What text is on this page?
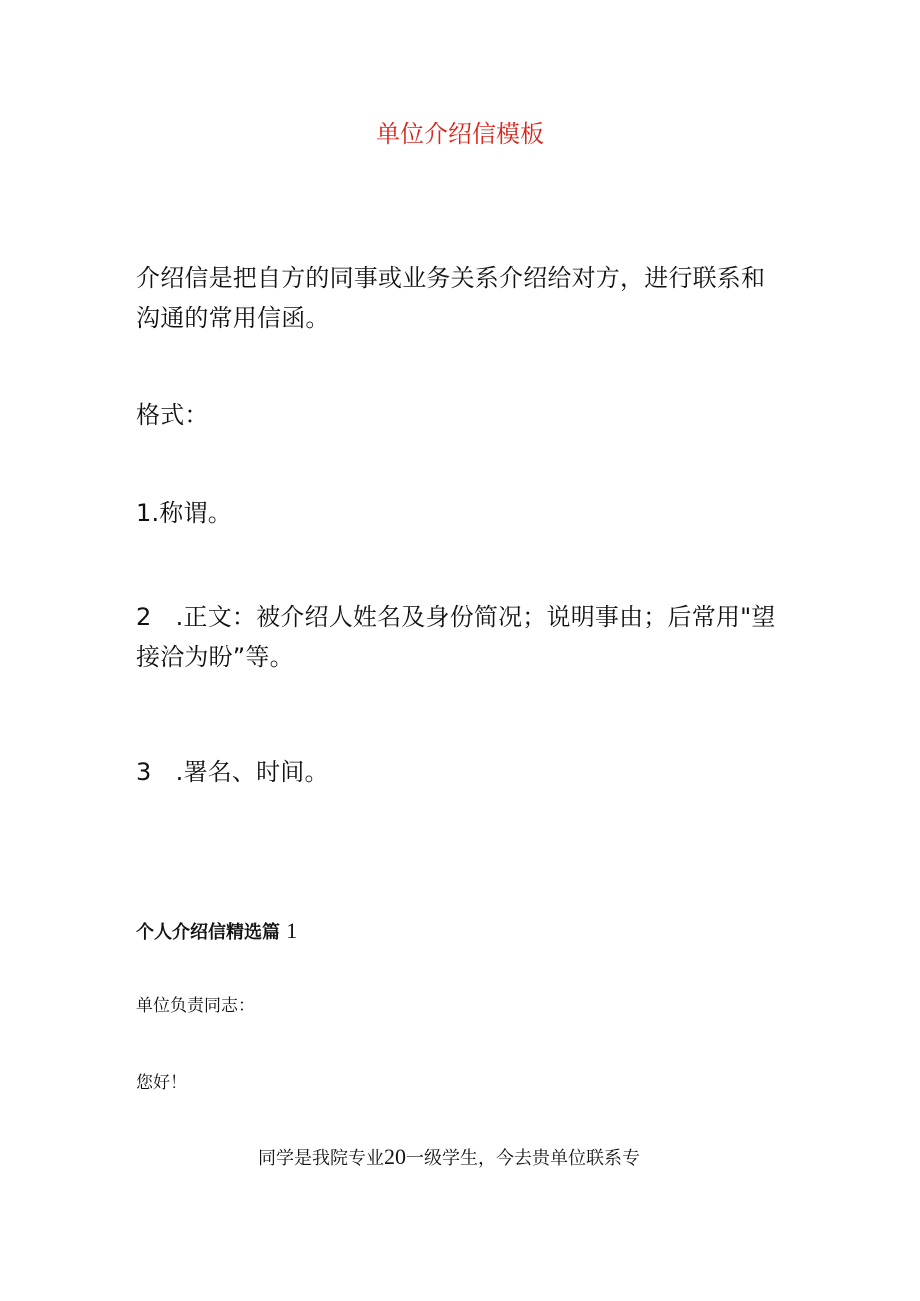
单位介绍信模板
介绍信是把自方的同事或业务关系介绍给对方，进行联系和沟通的常用信函。
格式：
1.称谓。
2　.正文：被介绍人姓名及身份简况；说明事由；后常用"望接洽为盼”等。
3　.署名、时间。
个人介绍信精选篇 1
单位负责同志：
您好！
同学是我院专业20一级学生，今去贵单位联系专
